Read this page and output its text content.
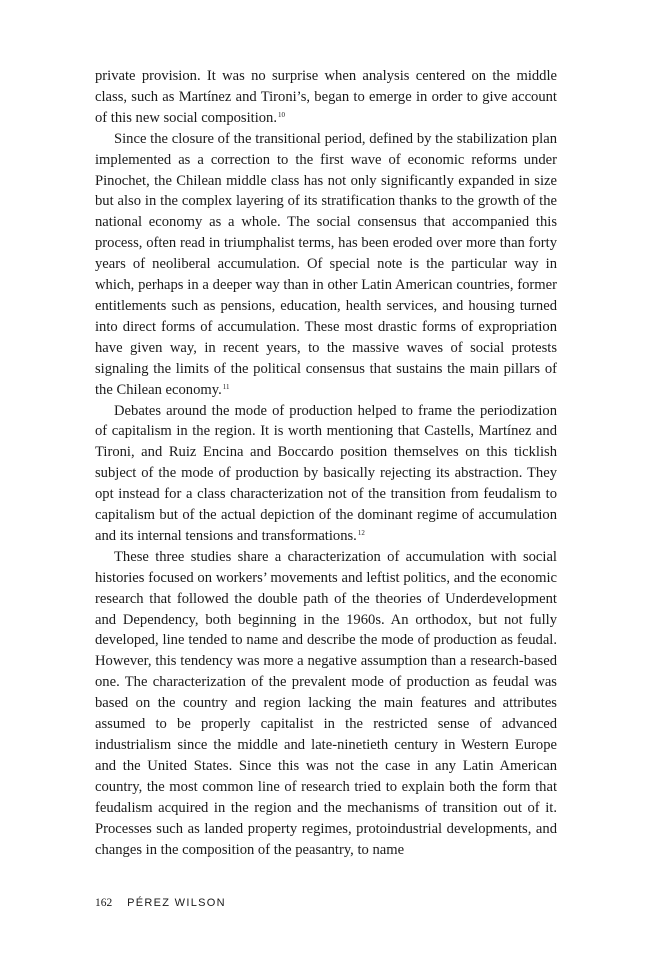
private provision. It was no surprise when analysis centered on the middle class, such as Martínez and Tironi’s, began to emerge in order to give account of this new social composition.$^{10}$

Since the closure of the transitional period, defined by the stabilization plan implemented as a correction to the first wave of economic reforms under Pinochet, the Chilean middle class has not only significantly expanded in size but also in the complex layering of its stratification thanks to the growth of the national economy as a whole. The social consensus that accompanied this process, often read in triumphalist terms, has been eroded over more than forty years of neoliberal accumulation. Of special note is the particular way in which, perhaps in a deeper way than in other Latin American countries, former entitlements such as pensions, education, health services, and housing turned into direct forms of accumulation. These most drastic forms of expropriation have given way, in recent years, to the massive waves of social protests signaling the limits of the political consensus that sustains the main pillars of the Chilean economy.$^{11}$

Debates around the mode of production helped to frame the periodization of capitalism in the region. It is worth mentioning that Castells, Martínez and Tironi, and Ruiz Encina and Boccardo position themselves on this ticklish subject of the mode of production by basically rejecting its abstraction. They opt instead for a class characterization not of the transition from feudalism to capitalism but of the actual depiction of the dominant regime of accumulation and its internal tensions and transformations.$^{12}$

These three studies share a characterization of accumulation with social histories focused on workers’ movements and leftist politics, and the economic research that followed the double path of the theories of Underdevelopment and Dependency, both beginning in the 1960s. An orthodox, but not fully developed, line tended to name and describe the mode of production as feudal. However, this tendency was more a negative assumption than a research-based one. The characterization of the prevalent mode of production as feudal was based on the country and region lacking the main features and attributes assumed to be properly capitalist in the restricted sense of advanced industrialism since the middle and late-ninetieth century in Western Europe and the United States. Since this was not the case in any Latin American country, the most common line of research tried to explain both the form that feudalism acquired in the region and the mechanisms of transition out of it. Processes such as landed property regimes, protoindustrial developments, and changes in the composition of the peasantry, to name

162 PÉREZ WILSON
